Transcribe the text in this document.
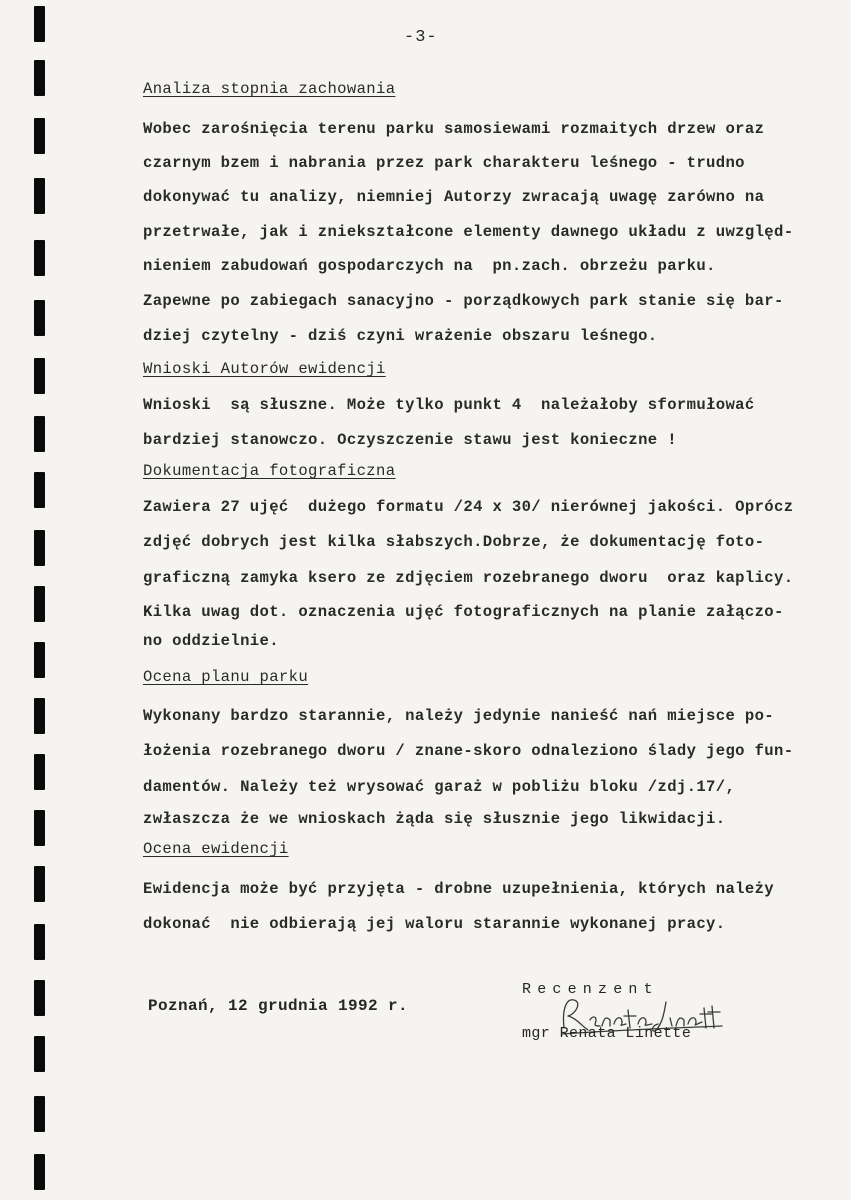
-3-
Analiza stopnia zachowania
Wobec zarośnięcia terenu parku samosiewami rozmaitych drzew oraz
czarnym bzem i nabrania przez park charakteru leśnego - trudno
dokonywać tu analizy, niemniej Autorzy zwracają uwagę zarówno na
przetrwałe, jak i zniekształcone elementy dawnego układu z uwzględ-
nieniem zabudowań gospodarczych na  pn.zach. obrzeżu parku.
Zapewne po zabiegach sanacyjno - porządkowych park stanie się bar-
dziej czytelny - dziś czyni wrażenie obszaru leśnego.
Wnioski Autorów ewidencji
Wnioski  są słuszne. Może tylko punkt 4  należałoby sformułować
bardziej stanowczo. Oczyszczenie stawu jest konieczne !
Dokumentacja fotograficzna
Zawiera 27 ujęć  dużego formatu /24 x 30/ nierównej jakości. Oprócz
zdjęć dobrych jest kilka słabszych.Dobrze, że dokumentację foto-
graficzną zamyka ksero ze zdjęciem rozebranego dworu  oraz kaplicy.
Kilka uwag dot. oznaczenia ujęć fotograficznych na planie załączo-
no oddzielnie.
Ocena planu parku
Wykonany bardzo starannie, należy jedynie nanieść nań miejsce po-
łożenia rozebranego dworu / znane-skoro odnaleziono ślady jego fun-
damentów. Należy też wrysować garaż w pobliżu bloku /zdj.17/,
zwłaszcza że we wnioskach żąda się słusznie jego likwidacji.
Ocena ewidencji
Ewidencja może być przyjęta - drobne uzupełnienia, których należy
dokonać  nie odbierają jej waloru starannie wykonanej pracy.
Poznań, 12 grudnia 1992 r.
Recenzent
mgr Renata Linette
